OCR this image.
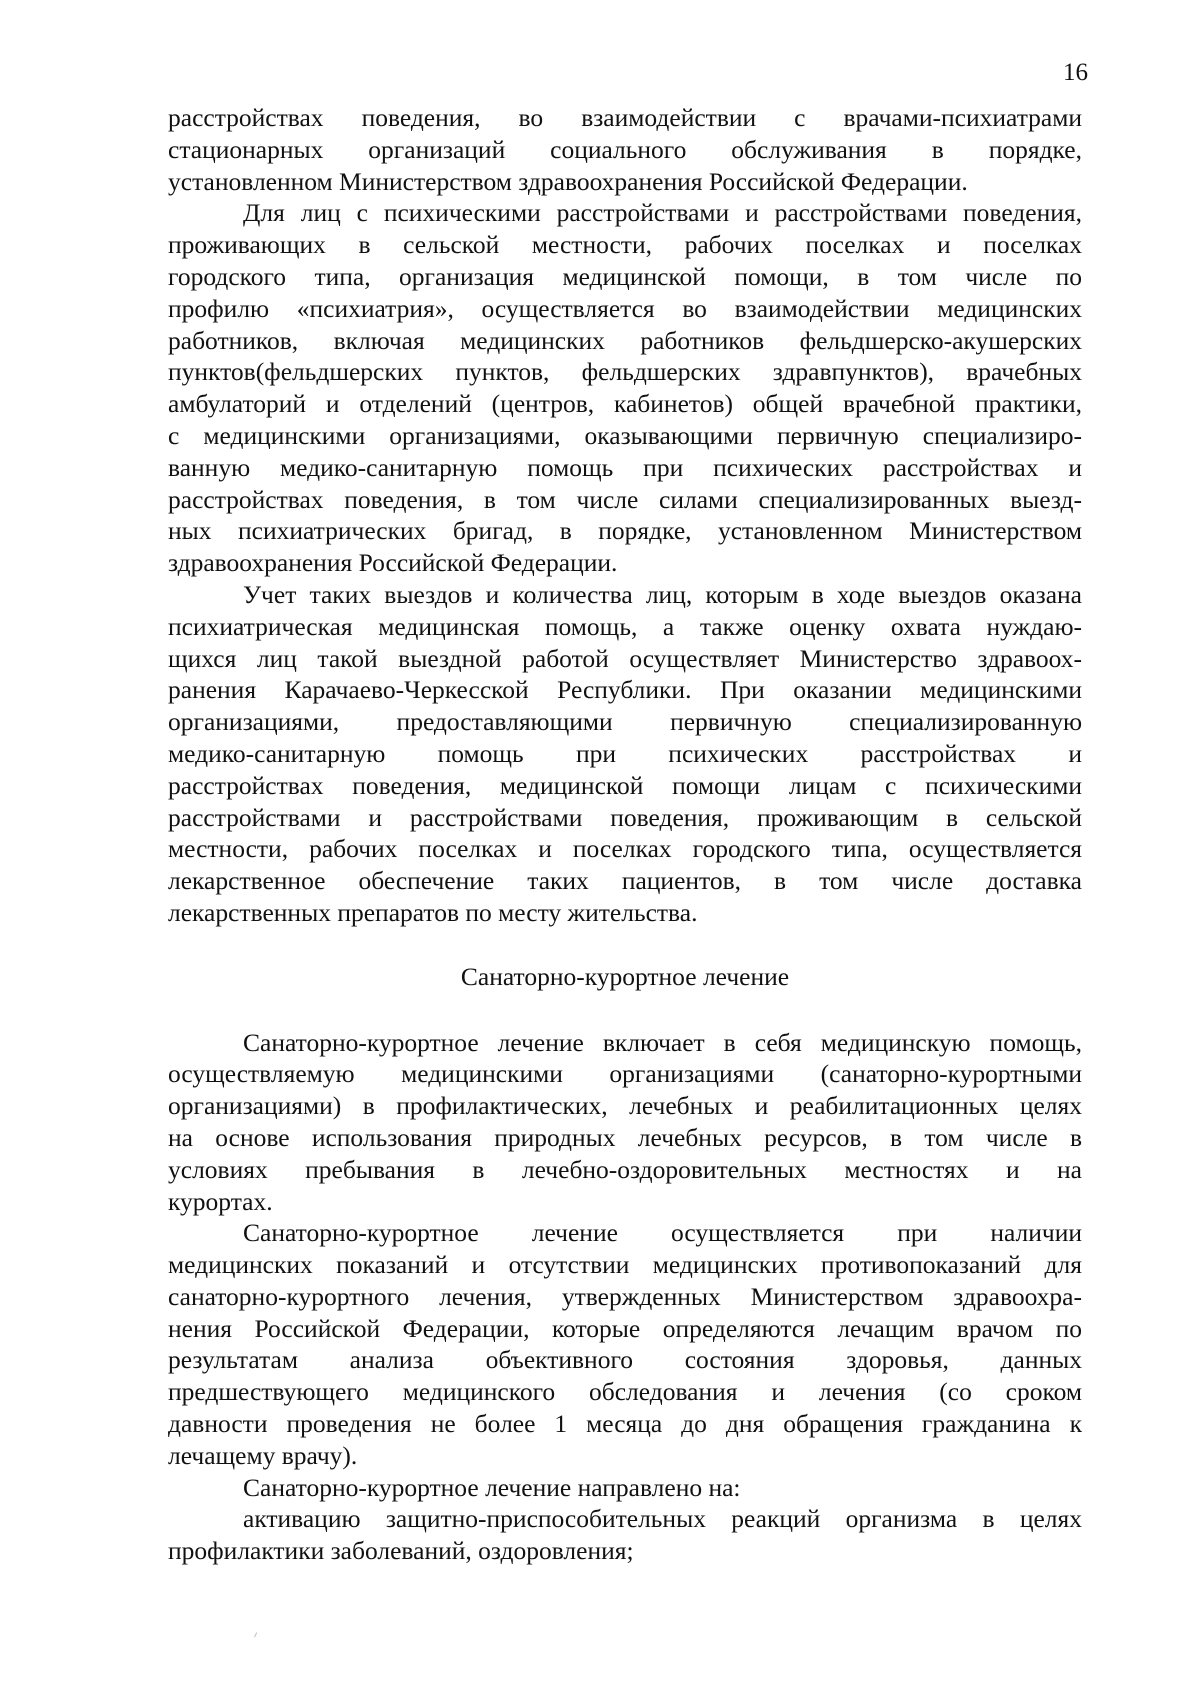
16
расстройствах поведения, во взаимодействии с врачами-психиатрами
стационарных организаций социального обслуживания в порядке,
установленном Министерством здравоохранения Российской Федерации.
Для лиц с психическими расстройствами и расстройствами поведения,
проживающих в сельской местности, рабочих поселках и поселках
городского типа, организация медицинской помощи, в том числе по
профилю «психиатрия», осуществляется во взаимодействии медицинских
работников, включая медицинских работников фельдшерско-акушерских
пунктов(фельдшерских пунктов, фельдшерских здравпунктов), врачебных
амбулаторий и отделений (центров, кабинетов) общей врачебной практики,
с медицинскими организациями, оказывающими первичную специализиро-
ванную медико-санитарную помощь при психических расстройствах и
расстройствах поведения, в том числе силами специализированных выезд-
ных психиатрических бригад, в порядке, установленном Министерством
здравоохранения Российской Федерации.
Учет таких выездов и количества лиц, которым в ходе выездов оказана
психиатрическая медицинская помощь, а также оценку охвата нуждаю-
щихся лиц такой выездной работой осуществляет Министерство здравоох-
ранения Карачаево-Черкесской Республики. При оказании медицинскими
организациями, предоставляющими первичную специализированную
медико-санитарную помощь при психических расстройствах и
расстройствах поведения, медицинской помощи лицам с психическими
расстройствами и расстройствами поведения, проживающим в сельской
местности, рабочих поселках и поселках городского типа, осуществляется
лекарственное обеспечение таких пациентов, в том числе доставка
лекарственных препаратов по месту жительства.
Санаторно-курортное лечение
Санаторно-курортное лечение включает в себя медицинскую помощь,
осуществляемую медицинскими организациями (санаторно-курортными
организациями) в профилактических, лечебных и реабилитационных целях
на основе использования природных лечебных ресурсов, в том числе в
условиях пребывания в лечебно-оздоровительных местностях и на
курортах.
Санаторно-курортное лечение осуществляется при наличии
медицинских показаний и отсутствии медицинских противопоказаний для
санаторно-курортного лечения, утвержденных Министерством здравоохра-
нения Российской Федерации, которые определяются лечащим врачом по
результатам анализа объективного состояния здоровья, данных
предшествующего медицинского обследования и лечения (со сроком
давности проведения не более 1 месяца до дня обращения гражданина к
лечащему врачу).
Санаторно-курортное лечение направлено на:
активацию защитно-приспособительных реакций организма в целях
профилактики заболеваний, оздоровления;
